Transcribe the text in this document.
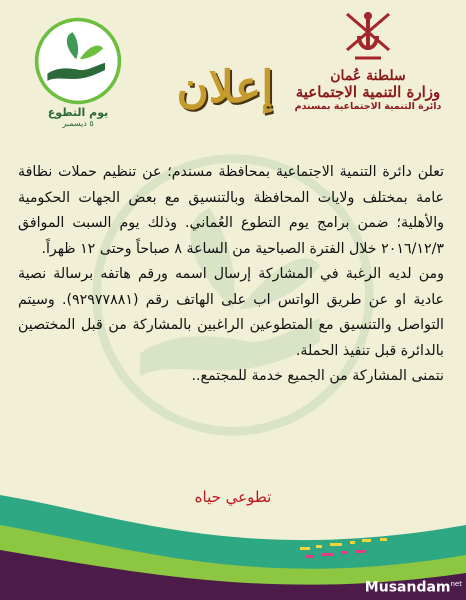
سلطنة عُمان
وزارة التنمية الاجتماعية
دائرة التنمية الاجتماعية بمسندم
يوم التطوع
٥ ديسمبر
إعلان

تعلن دائرة التنمية الاجتماعية بمحافظة مسندم؛ عن تنظيم حملات نظافة عامة بمختلف ولايات المحافظة وبالتنسيق مع بعض الجهات الحكومية والأهلية؛ ضمن برامج يوم التطوع العُماني. وذلك يوم السبت الموافق ٢٠١٦/١٢/٣ خلال الفترة الصباحية من الساعة ٨ صباحاً وحتى ١٢ ظهراً.

ومن لديه الرغبة في المشاركة إرسال اسمه ورقم هاتفه برسالة نصية عادية او عن طريق الواتس اب على الهاتف رقم (٩٢٩٧٧٨٨١). وسيتم التواصل والتنسيق مع المتطوعين الراغبين بالمشاركة من قبل المختصين بالدائرة قبل تنفيذ الحملة.

نتمنى المشاركة من الجميع خدمة للمجتمع..

تطوعي حياه
Musandam$^{net}$
